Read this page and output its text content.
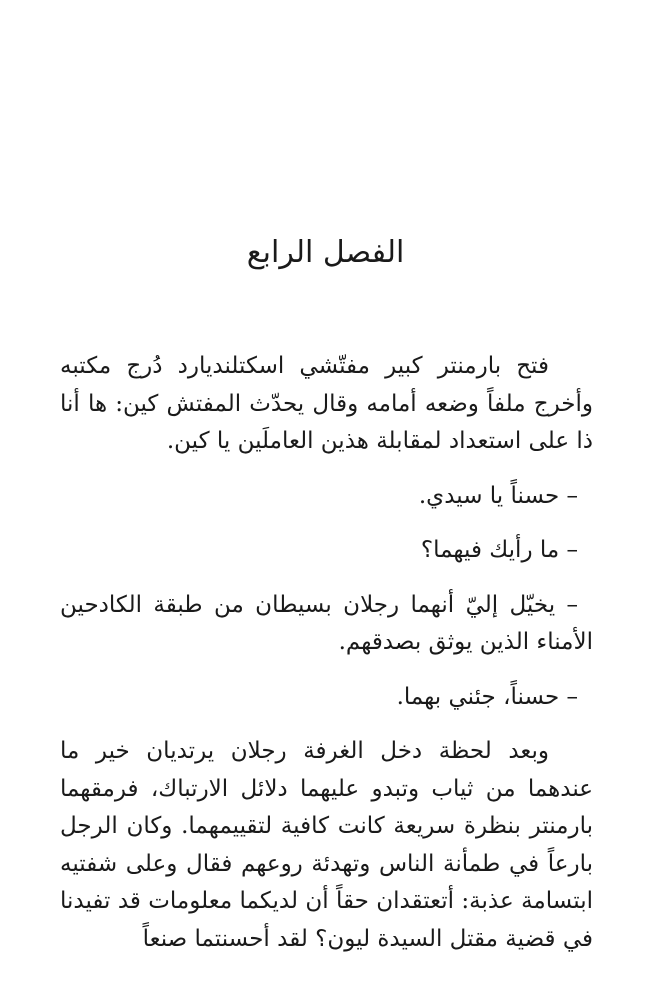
الفصل الرابع

فتح بارمنتر كبير مفتّشي اسكتلنديارد دُرج مكتبه وأخرج ملفاً وضعه أمامه وقال يحدّث المفتش كين: ها أنا ذا على استعداد لمقابلة هذين العاملَين يا كين.

– حسناً يا سيدي.

– ما رأيك فيهما؟

– يخيّل إليّ أنهما رجلان بسيطان من طبقة الكادحين الأمناء الذين يوثق بصدقهم.

– حسناً، جئني بهما.

وبعد لحظة دخل الغرفة رجلان يرتديان خير ما عندهما من ثياب وتبدو عليهما دلائل الارتباك، فرمقهما بارمنتر بنظرة سريعة كانت كافية لتقييمهما. وكان الرجل بارعاً في طمأنة الناس وتهدئة روعهم فقال وعلى شفتيه ابتسامة عذبة: أتعتقدان حقاً أن لديكما معلومات قد تفيدنا في قضية مقتل السيدة ليون؟ لقد أحسنتما صنعاً
